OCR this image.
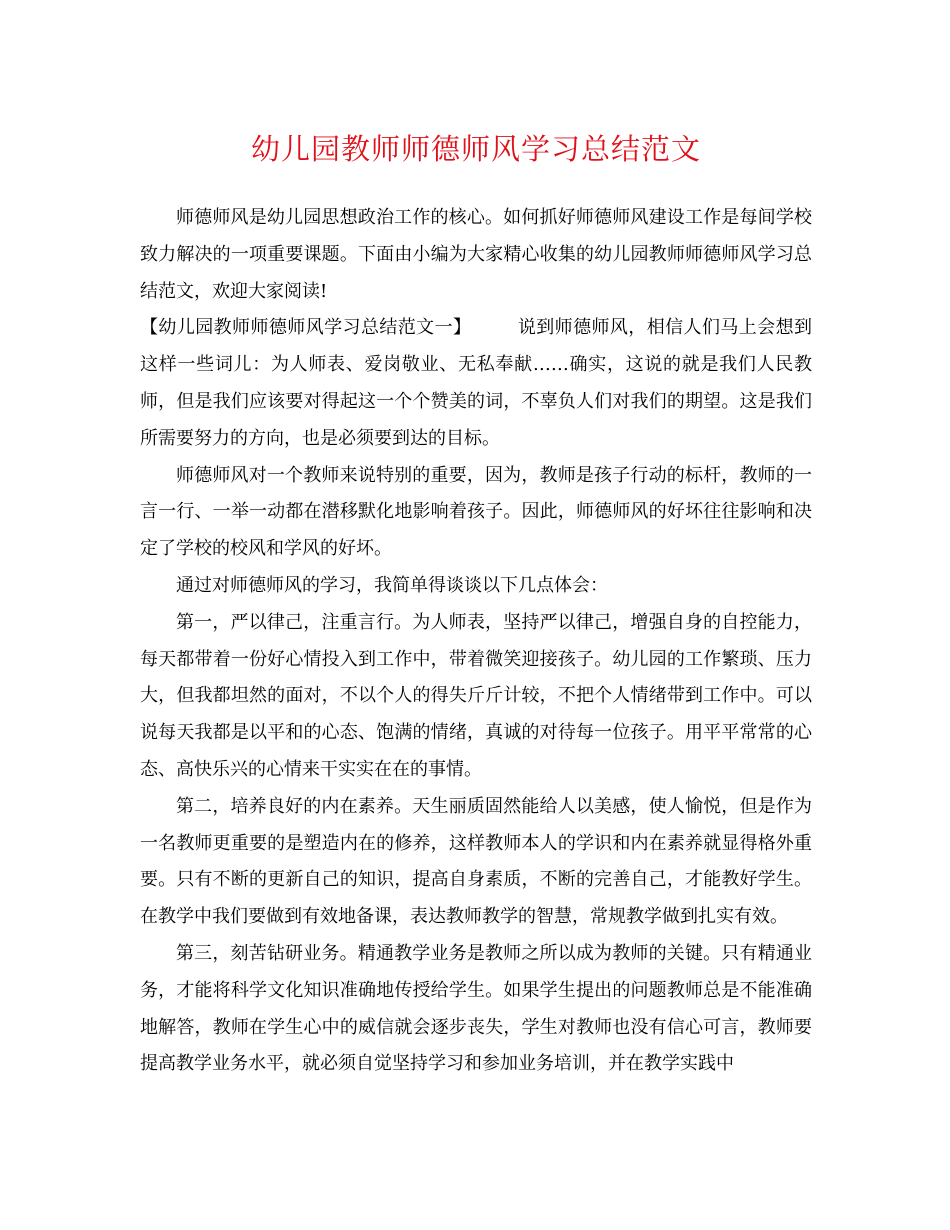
幼儿园教师师德师风学习总结范文

师德师风是幼儿园思想政治工作的核心。如何抓好师德师风建设工作是每间学校致力解决的一项重要课题。下面由小编为大家精心收集的幼儿园教师师德师风学习总结范文，欢迎大家阅读!

【幼儿园教师师德师风学习总结范文一】	说到师德师风，相信人们马上会想到这样一些词儿：为人师表、爱岗敬业、无私奉献……确实，这说的就是我们人民教师，但是我们应该要对得起这一个个赞美的词，不辜负人们对我们的期望。这是我们所需要努力的方向，也是必须要到达的目标。

师德师风对一个教师来说特别的重要，因为，教师是孩子行动的标杆，教师的一言一行、一举一动都在潜移默化地影响着孩子。因此，师德师风的好坏往往影响和决定了学校的校风和学风的好坏。

通过对师德师风的学习，我简单得谈谈以下几点体会：

第一，严以律己，注重言行。为人师表，坚持严以律己，增强自身的自控能力，每天都带着一份好心情投入到工作中，带着微笑迎接孩子。幼儿园的工作繁琐、压力大，但我都坦然的面对，不以个人的得失斤斤计较，不把个人情绪带到工作中。可以说每天我都是以平和的心态、饱满的情绪，真诚的对待每一位孩子。用平平常常的心态、高快乐兴的心情来干实实在在的事情。

第二，培养良好的内在素养。天生丽质固然能给人以美感，使人愉悦，但是作为一名教师更重要的是塑造内在的修养，这样教师本人的学识和内在素养就显得格外重要。只有不断的更新自己的知识，提高自身素质，不断的完善自己，才能教好学生。在教学中我们要做到有效地备课，表达教师教学的智慧，常规教学做到扎实有效。

第三，刻苦钻研业务。精通教学业务是教师之所以成为教师的关键。只有精通业务，才能将科学文化知识准确地传授给学生。如果学生提出的问题教师总是不能准确地解答，教师在学生心中的威信就会逐步丧失，学生对教师也没有信心可言，教师要提高教学业务水平，就必须自觉坚持学习和参加业务培训，并在教学实践中
